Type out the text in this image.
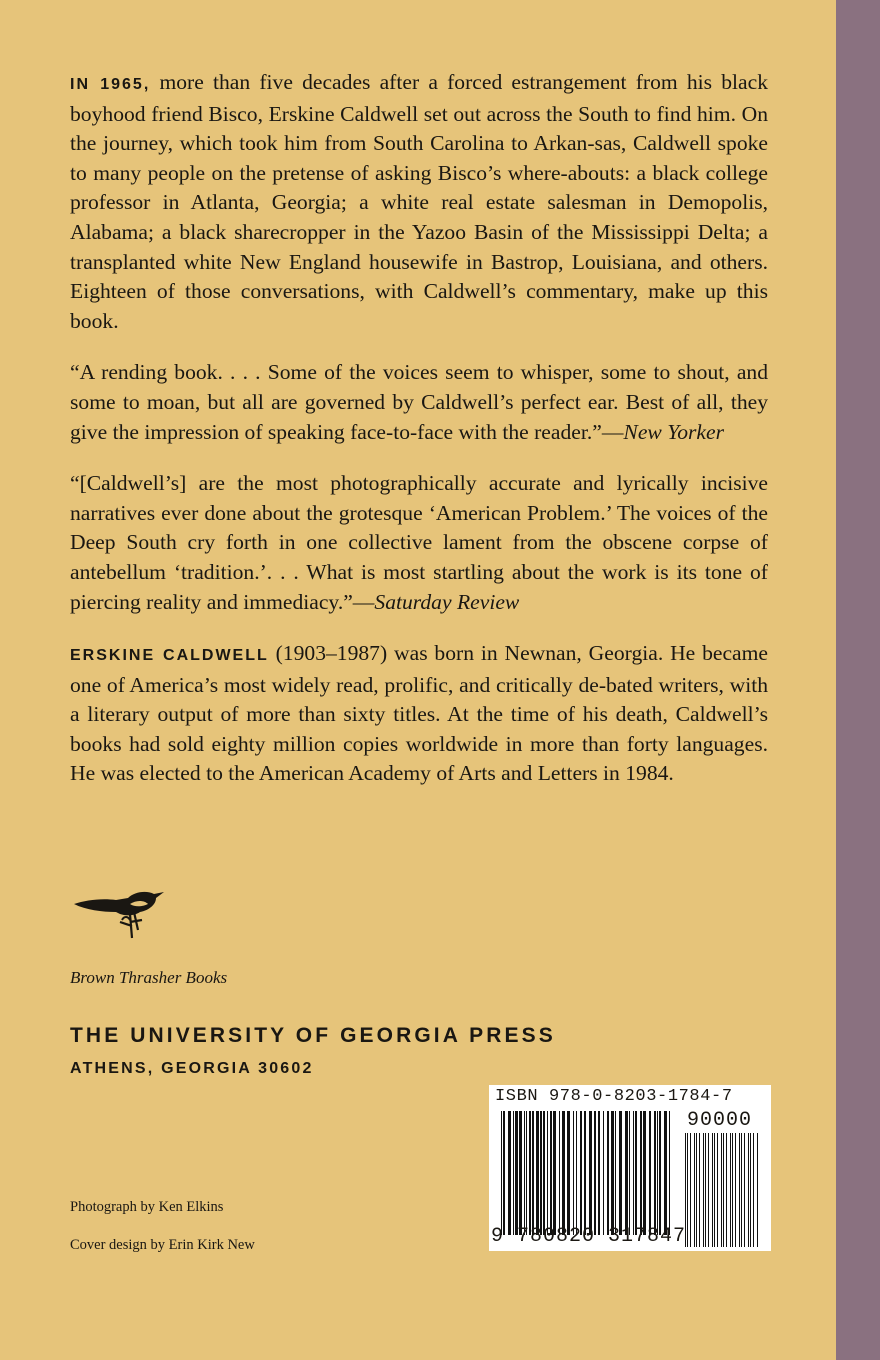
IN 1965, more than five decades after a forced estrangement from his black boyhood friend Bisco, Erskine Caldwell set out across the South to find him. On the journey, which took him from South Carolina to Arkan-sas, Caldwell spoke to many people on the pretense of asking Bisco’s where-abouts: a black college professor in Atlanta, Georgia; a white real estate salesman in Demopolis, Alabama; a black sharecropper in the Yazoo Basin of the Mississippi Delta; a transplanted white New England housewife in Bastrop, Louisiana, and others. Eighteen of those conversations, with Caldwell’s commentary, make up this book.

“A rending book. . . . Some of the voices seem to whisper, some to shout, and some to moan, but all are governed by Caldwell’s perfect ear. Best of all, they give the impression of speaking face-to-face with the reader.”—New Yorker

“[Caldwell’s] are the most photographically accurate and lyrically incisive narratives ever done about the grotesque ‘American Problem.’ The voices of the Deep South cry forth in one collective lament from the obscene corpse of antebellum ‘tradition.’. . . What is most startling about the work is its tone of piercing reality and immediacy.”—Saturday Review

ERSKINE CALDWELL (1903–1987) was born in Newnan, Georgia. He became one of America’s most widely read, prolific, and critically de-bated writers, with a literary output of more than sixty titles. At the time of his death, Caldwell’s books had sold eighty million copies worldwide in more than forty languages. He was elected to the American Academy of Arts and Letters in 1984.

Brown Thrasher Books
THE UNIVERSITY OF GEORGIA PRESS
ATHENS, GEORGIA 30602
Photograph by Ken Elkins
Cover design by Erin Kirk New
ISBN 978-0-8203-1784-7
90000
9 780820 317847
